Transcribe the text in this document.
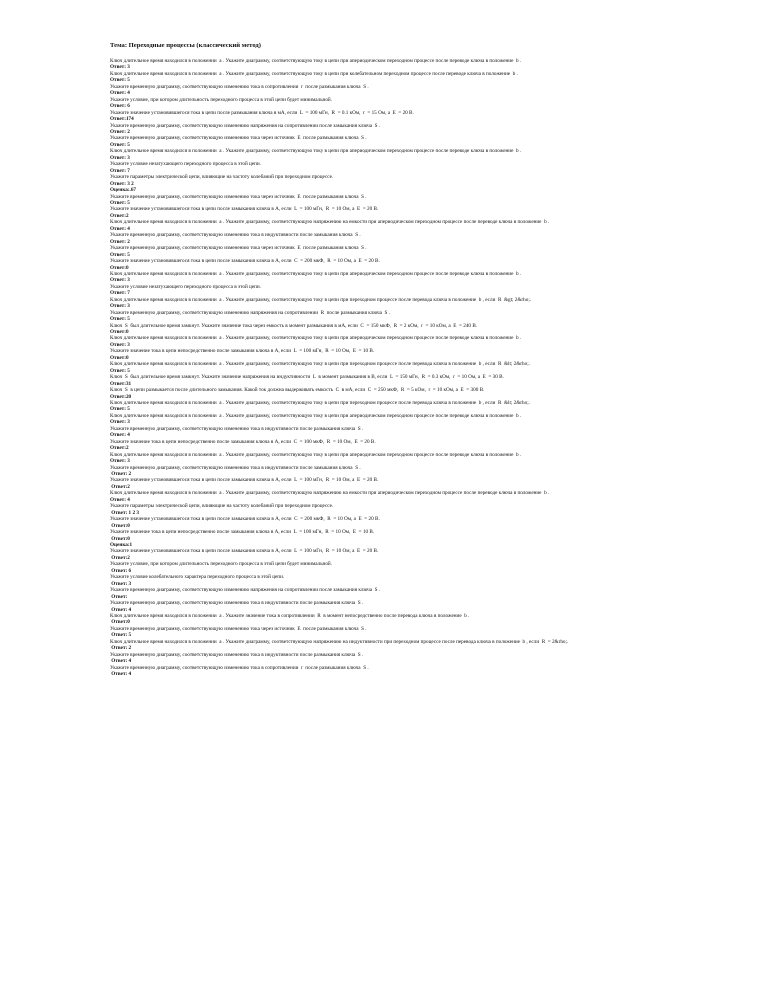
Тема: Переходные процессы (классический метод)
Ключ длительное время находился в положении  a . Укажите диаграмму, соответствующую току в цепи при апериодическом переходном процессе после переводе ключа в положение  b .
Ответ: 3
Ключ длительное время находился в положении  a . Укажите диаграмму, соответствующую току в цепи при колебательном переходном процессе после переводе ключа в положение  b .
Ответ: 5
Укажите временную диаграмму, соответствующую изменению тока в сопротивлении  r  после размыкания ключа  S .
Ответ: 4
Укажите условие, при котором длительность переходного процесса в этой цепи будет минимальной.
Ответ: 6
Укажите значение установившегося тока в цепи после размыкания ключа в мА, если  L  = 100 мГн,  R  = 0.1 кОм,  r  = 15 Ом, а  E  = 20 В.
Ответ:174
Укажите временную диаграмму, соответствующую изменению напряжения на сопротивлении после замыкания ключа  S .
Ответ: 2
Укажите временную диаграмму, соответствующую изменению тока через источник  E  после размыкания ключа  S .
Ответ: 5
Ключ длительное время находился в положении  a . Укажите диаграмму, соответствующую току в цепи при апериодическом переходном процессе после переводе ключа в положение  b .
Ответ: 3
Укажите условие незатухающего переходного процесса в этой цепи.
Ответ: 7
Укажите параметры электрической цепи, влияющие на частоту колебаний при переходном процессе.
Ответ: 3 2
Оценка:.67
Укажите временную диаграмму, соответствующую изменению тока через источник  E  после размыкания ключа  S .
Ответ: 5
Укажите значение установившегося тока в цепи после замыкания ключа в А, если  L  = 100 мГн,  R  = 10 Ом, а  E  = 20 В.
Ответ:2
Ключ длительное время находился в положении  a . Укажите диаграмму, соответствующую напряжению на емкости при апериодическом переходном процессе после переводе ключа в положение  b .
Ответ: 4
Укажите временную диаграмму, соответствующую изменению тока в индуктивности после замыкания ключа  S .
Ответ: 2
Укажите временную диаграмму, соответствующую изменению тока через источник  E  после размыкания ключа  S .
Ответ: 5
Укажите значение установившегося тока в цепи после замыкания ключа в А, если  C  = 200 мкФ,  R  = 10 Ом, а  E  = 20 В.
Ответ:0
Ключ длительное время находился в положении  a . Укажите диаграмму, соответствующую току в цепи при апериодическом переходном процессе после переводе ключа в положение  b .
Ответ: 3
Укажите условие незатухающего переходного процесса в этой цепи.
Ответ: 7
Ключ длительное время находился в положении  a . Укажите диаграмму, соответствующую току в цепи при переходном процессе после перевода ключа в положение  b , если  R  &gt; 2&rho;.
Ответ: 3
Укажите временную диаграмму, соответствующую изменению напряжения на сопротивлении  R  после размыкания ключа  S .
Ответ: 5
Ключ  S  был длительное время замкнут. Укажите значение тока через емкость в момент размыкания в мА, если  C  = 150 мкФ,  R  = 2 кОм,  r  = 10 кОм, а  E  = 240 В.
Ответ:0
Ключ длительное время находился в положении  a . Укажите диаграмму, соответствующую току в цепи при апериодическом переходном процессе после переводе ключа в положение  b .
Ответ: 3
Укажите значение тока в цепи непосредственно после замыкания ключа в А, если  L  = 100 мГн,  R  = 10 Ом,  E  = 10 В.
Ответ:0
Ключ длительное время находился в положении  a . Укажите диаграмму, соответствующую току в цепи при переходном процессе после перевода ключа в положение  b , если  R  &lt; 2&rho;.
Ответ: 5
Ключ  S  был длительное время замкнут. Укажите значение напряжения на индуктивности  L  в момент размыкания в В, если  L  = 150 мГн,  R  = 0.3 кОм,  r  = 10 Ом, а  E  = 30 В.
Ответ:31
Ключ  S  в цепи размыкается после длительного замыкания. Какой ток должна выдерживать емкость  C  в мА, если  C  = 250 мкФ,  R  = 5 кОм,  r  = 10 кОм, а  E  = 300 В.
Ответ:20
Ключ длительное время находился в положении  a . Укажите диаграмму, соответствующую току в цепи при переходном процессе после перевода ключа в положение  b , если  R  &lt; 2&rho;.
Ответ: 5
Ключ длительное время находился в положении  a . Укажите диаграмму, соответствующую току в цепи при апериодическом переходном процессе после переводе ключа в положение  b .
Ответ: 3
Укажите временную диаграмму, соответствующую изменению тока в индуктивности после размыкания ключа  S .
Ответ: 4
Укажите значение тока в цепи непосредственно после замыкания ключа в А, если  C  = 100 мкФ,  R  = 10 Ом,  E  = 20 В.
Ответ:2
Ключ длительное время находился в положении  a . Укажите диаграмму, соответствующую току в цепи при апериодическом переходном процессе после переводе ключа в положение  b .
Ответ: 3
Укажите временную диаграмму, соответствующую изменению тока в индуктивности после замыкания ключа  S .
Ответ: 2
Укажите значение установившегося тока в цепи после замыкания ключа в А, если  L  = 100 мГн,  R  = 10 Ом, а  E  = 20 В.
Ответ:2
Ключ длительное время находился в положении  a . Укажите диаграмму, соответствующую напряжению на емкости при апериодическом переходном процессе после переводе ключа в положение  b .
Ответ: 4
Укажите параметры электрической цепи, влияющие на частоту колебаний при переходном процессе.
Ответ: 1 2 3
Укажите значение установившегося тока в цепи после замыкания ключа в А, если  C  = 200 мкФ,  R  = 10 Ом, а  E  = 20 В.
Ответ:0
Укажите значение тока в цепи непосредственно после замыкания ключа в А, если  L  = 100 мГн,  R  = 10 Ом,  E  = 10 В.
Ответ:0
Оценка:1
Укажите значение установившегося тока в цепи после замыкания ключа в А, если  L  = 100 мГн,  R  = 10 Ом, а  E  = 20 В.
Ответ:2
Укажите условие, при котором длительность переходного процесса в этой цепи будет минимальной.
Ответ: 6
Укажите условие колебательного характера переходного процесса в этой цепи.
Ответ: 3
Укажите временную диаграмму, соответствующую изменению напряжения на сопротивлении после замыкания ключа  S .
Ответ:
Укажите временную диаграмму, соответствующую изменению тока в индуктивности после размыкания ключа  S .
Ответ: 4
Ключ длительное время находился в положении  a . Укажите значение тока в сопротивлении  R  в момент непосредственно после перевода ключа в положение  b .
Ответ:0
Укажите временную диаграмму, соответствующую изменению тока через источник  E  после размыкания ключа  S .
Ответ: 5
Ключ длительное время находился в положении  a . Укажите диаграмму, соответствующую напряжению на индуктивности при переходном процессе после перевода ключа в положение  b , если  R  = 2&rho;.
Ответ: 2
Укажите временную диаграмму, соответствующую изменению тока в индуктивности после размыкания ключа  S .
Ответ: 4
Укажите временную диаграмму, соответствующую изменению тока в сопротивлении  r  после размыкания ключа  S .
Ответ: 4
